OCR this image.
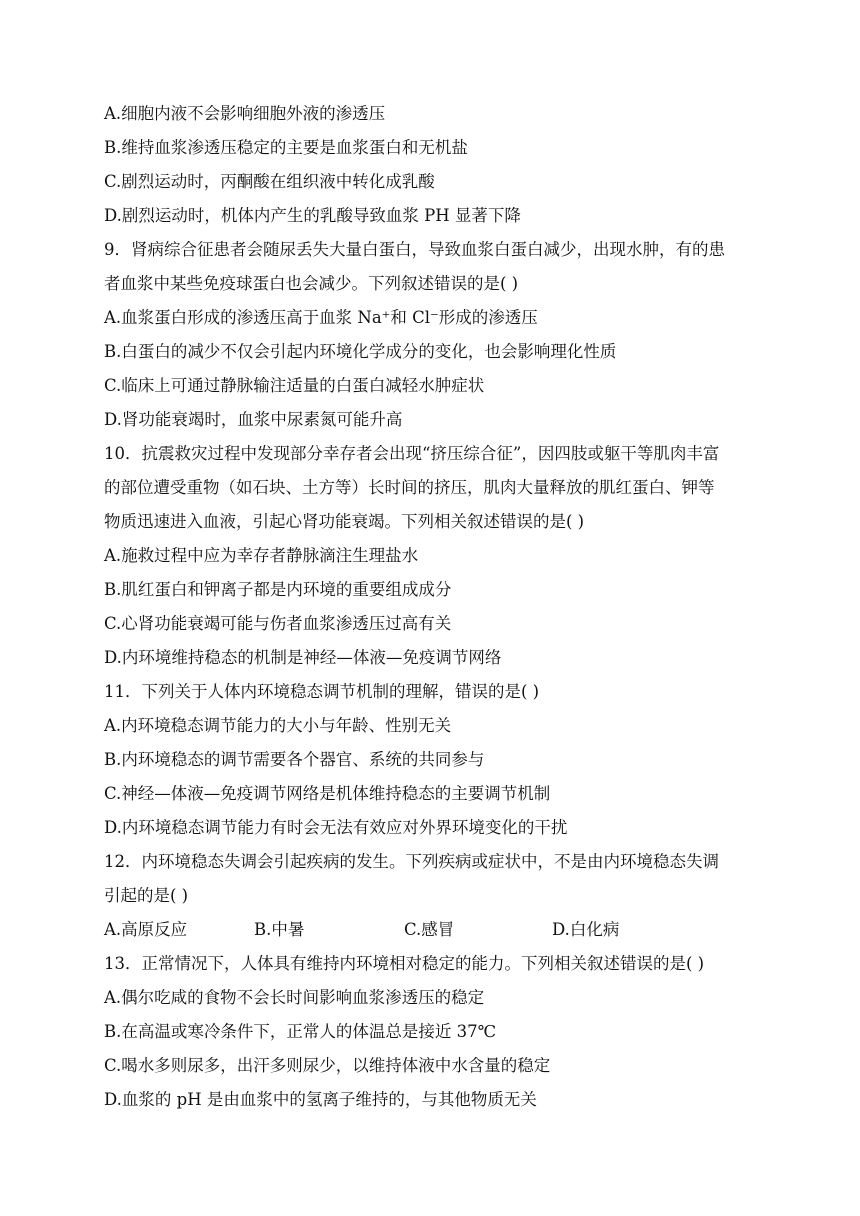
A.细胞内液不会影响细胞外液的渗透压

B.维持血浆渗透压稳定的主要是血浆蛋白和无机盐

C.剧烈运动时，丙酮酸在组织液中转化成乳酸

D.剧烈运动时，机体内产生的乳酸导致血浆 PH 显著下降

9．肾病综合征患者会随尿丢失大量白蛋白，导致血浆白蛋白减少，出现水肿，有的患

者血浆中某些免疫球蛋白也会减少。下列叙述错误的是( )

A.血浆蛋白形成的渗透压高于血浆 Na⁺和 Cl⁻形成的渗透压

B.白蛋白的减少不仅会引起内环境化学成分的变化，也会影响理化性质

C.临床上可通过静脉输注适量的白蛋白减轻水肿症状

D.肾功能衰竭时，血浆中尿素氮可能升高

10．抗震救灾过程中发现部分幸存者会出现“挤压综合征”，因四肢或躯干等肌肉丰富

的部位遭受重物（如石块、土方等）长时间的挤压，肌肉大量释放的肌红蛋白、钾等

物质迅速进入血液，引起心肾功能衰竭。下列相关叙述错误的是( )

A.施救过程中应为幸存者静脉滴注生理盐水

B.肌红蛋白和钾离子都是内环境的重要组成成分

C.心肾功能衰竭可能与伤者血浆渗透压过高有关

D.内环境维持稳态的机制是神经—体液—免疫调节网络

11．下列关于人体内环境稳态调节机制的理解，错误的是( )

A.内环境稳态调节能力的大小与年龄、性别无关

B.内环境稳态的调节需要各个器官、系统的共同参与

C.神经—体液—免疫调节网络是机体维持稳态的主要调节机制

D.内环境稳态调节能力有时会无法有效应对外界环境变化的干扰

12．内环境稳态失调会引起疾病的发生。下列疾病或症状中，不是由内环境稳态失调

引起的是( )

A.高原反应	B.中暑	C.感冒	D.白化病

13．正常情况下，人体具有维持内环境相对稳定的能力。下列相关叙述错误的是( )

A.偶尔吃咸的食物不会长时间影响血浆渗透压的稳定

B.在高温或寒冷条件下，正常人的体温总是接近 37℃

C.喝水多则尿多，出汗多则尿少，以维持体液中水含量的稳定

D.血浆的 pH 是由血浆中的氢离子维持的，与其他物质无关
